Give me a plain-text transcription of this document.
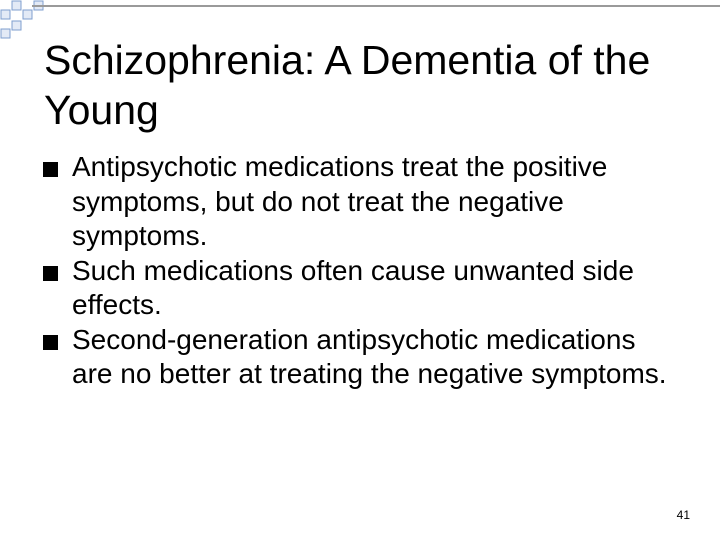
Schizophrenia: A Dementia of the Young
Antipsychotic medications treat the positive symptoms, but do not treat the negative symptoms.
Such medications often cause unwanted side effects.
Second-generation antipsychotic medications are no better at treating the negative symptoms.
41
